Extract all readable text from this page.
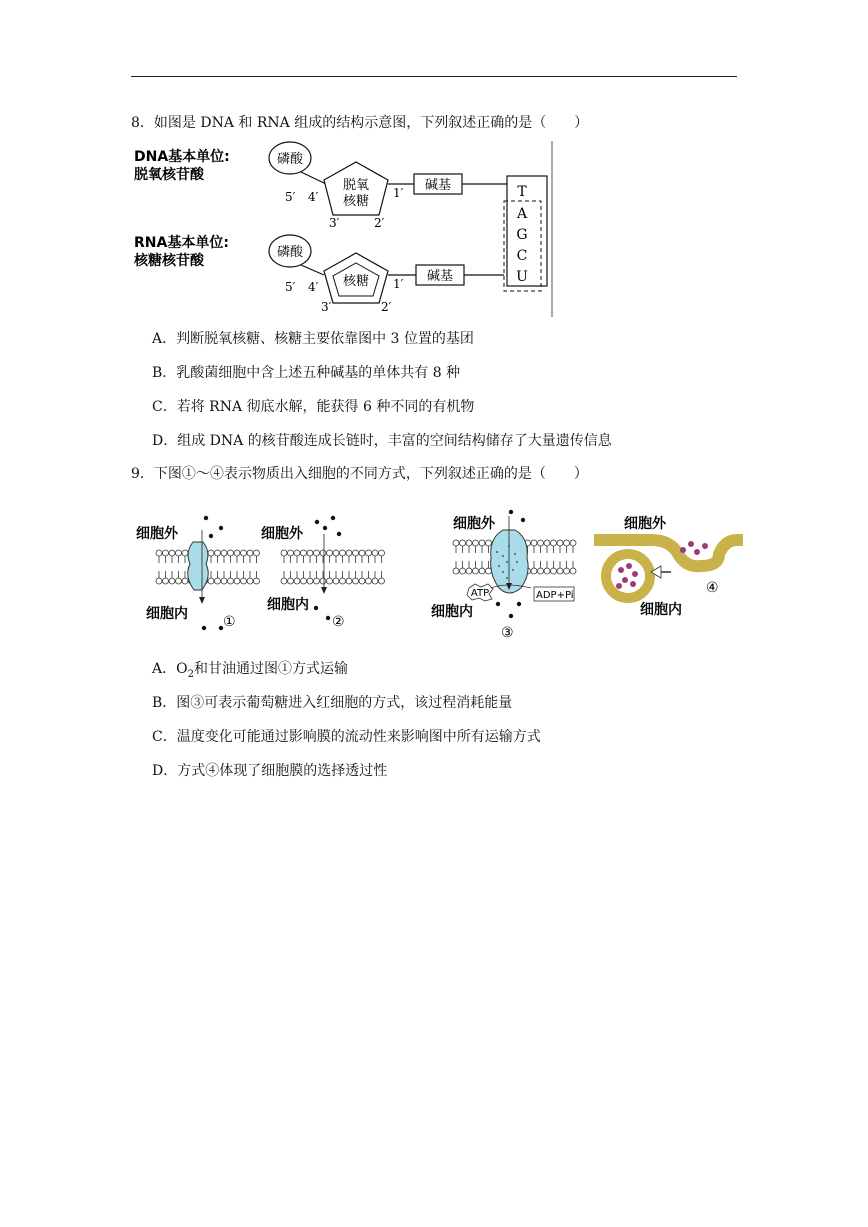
8．如图是 DNA 和 RNA 组成的结构示意图，下列叙述正确的是（　　）
DNA基本单位:
脱氧核苷酸
RNA基本单位:
核糖核苷酸
磷酸
脱氧
核糖
5′ 4′	1′
3′	2′
碱基
磷酸
核糖
5′ 4′	1′
3′	2′
碱基
T
A
G
C
U
A．判断脱氧核糖、核糖主要依靠图中 3 位置的基团
B．乳酸菌细胞中含上述五种碱基的单体共有 8 种
C．若将 RNA 彻底水解，能获得 6 种不同的有机物
D．组成 DNA 的核苷酸连成长链时，丰富的空间结构储存了大量遗传信息
9．下图①～④表示物质出入细胞的不同方式，下列叙述正确的是（　　）
细胞外
细胞内	①
细胞外
细胞内
②
细胞外
细胞内
ATP	ADP+Pi
③
细胞外
细胞内
④
A．$O_2$和甘油通过图①方式运输
B．图③可表示葡萄糖进入红细胞的方式，该过程消耗能量
C．温度变化可能通过影响膜的流动性来影响图中所有运输方式
D．方式④体现了细胞膜的选择透过性
